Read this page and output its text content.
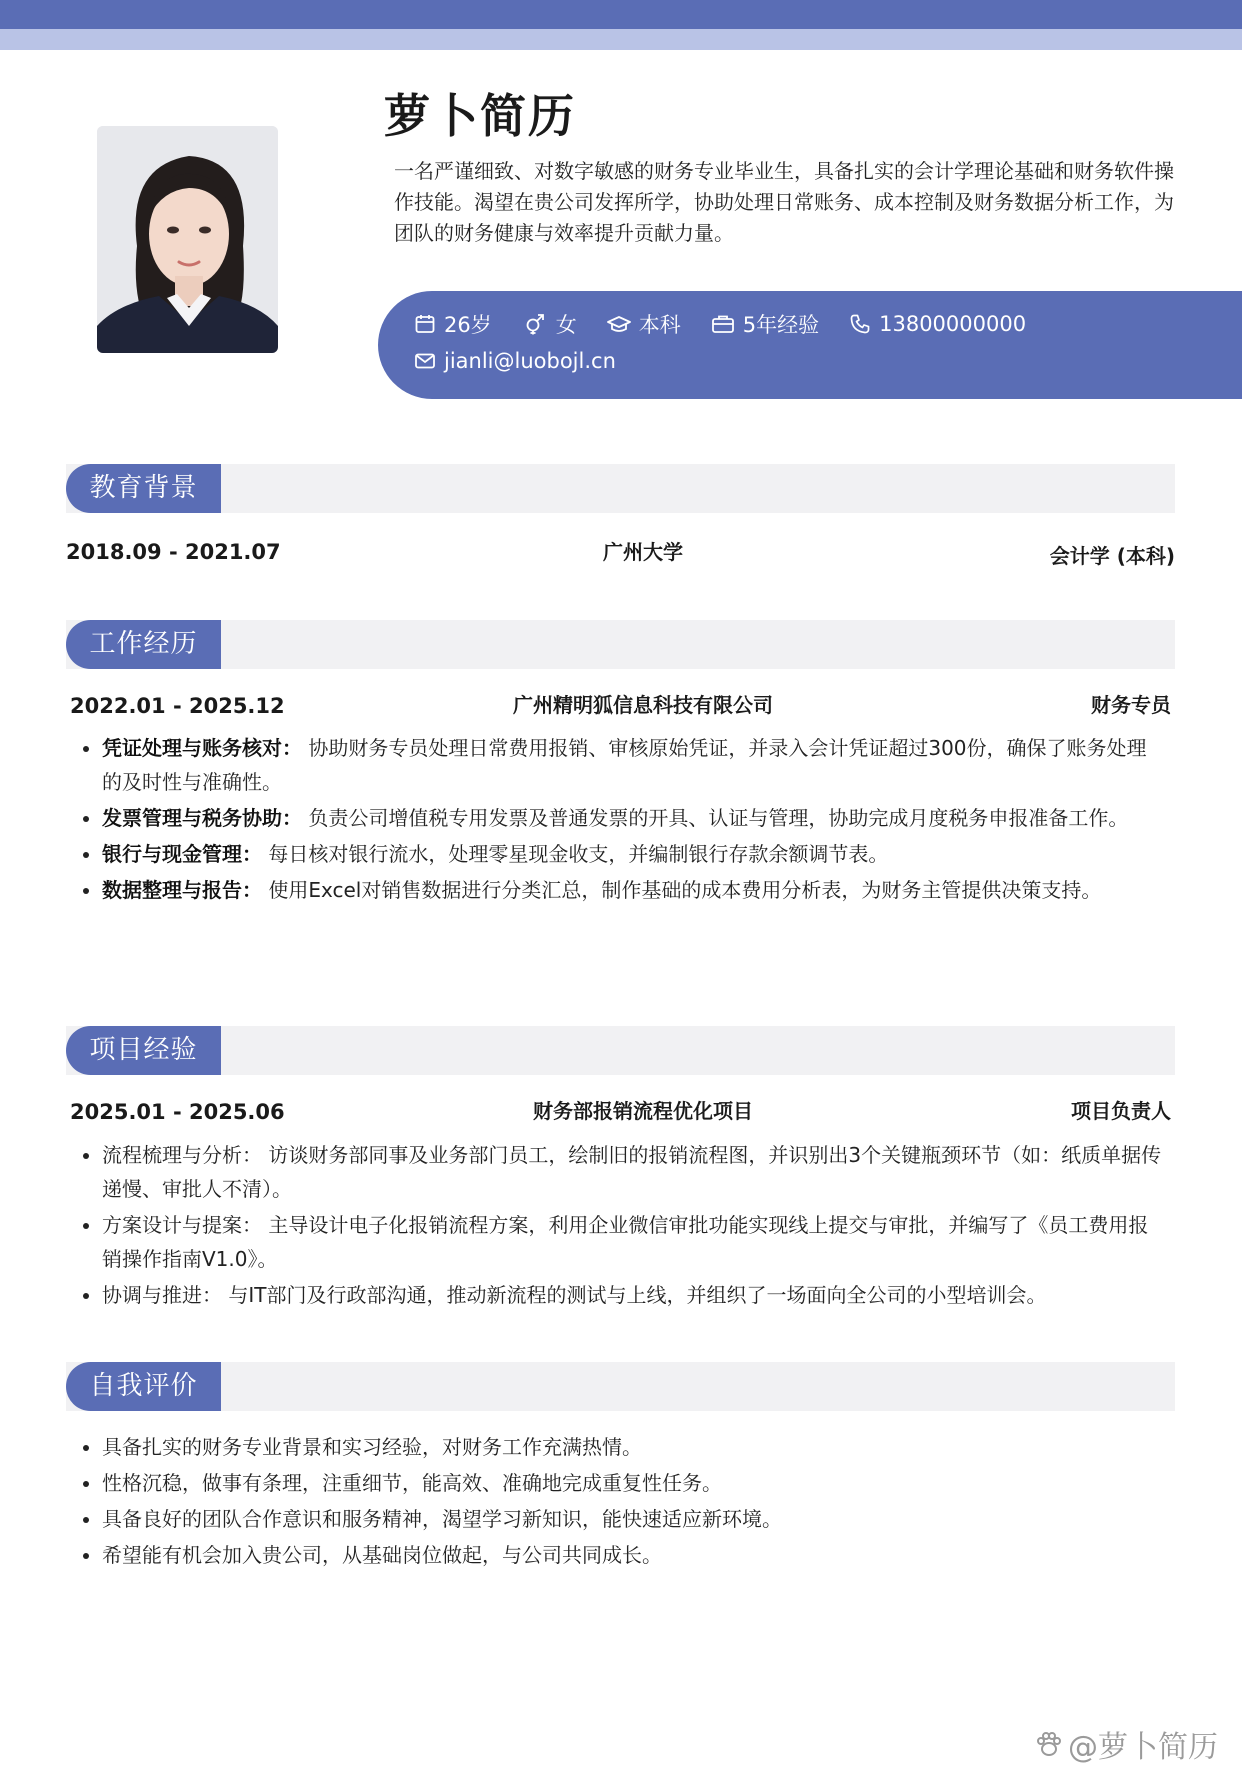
萝卜简历

一名严谨细致、对数字敏感的财务专业毕业生，具备扎实的会计学理论基础和财务软件操作技能。渴望在贵公司发挥所学，协助处理日常账务、成本控制及财务数据分析工作，为团队的财务健康与效率提升贡献力量。

26岁	女	本科	5年经验	13800000000
jianli@luobojl.cn
教育背景
2018.09 - 2021.07	广州大学	会计学 (本科)
工作经历
2022.01 - 2025.12	广州精明狐信息科技有限公司	财务专员
• 凭证处理与账务核对： 协助财务专员处理日常费用报销、审核原始凭证，并录入会计凭证超过300份，确保了账务处理的及时性与准确性。
• 发票管理与税务协助： 负责公司增值税专用发票及普通发票的开具、认证与管理，协助完成月度税务申报准备工作。
• 银行与现金管理： 每日核对银行流水，处理零星现金收支，并编制银行存款余额调节表。
• 数据整理与报告： 使用Excel对销售数据进行分类汇总，制作基础的成本费用分析表，为财务主管提供决策支持。
项目经验
2025.01 - 2025.06	财务部报销流程优化项目	项目负责人
• 流程梳理与分析： 访谈财务部同事及业务部门员工，绘制旧的报销流程图，并识别出3个关键瓶颈环节（如：纸质单据传递慢、审批人不清）。
• 方案设计与提案： 主导设计电子化报销流程方案，利用企业微信审批功能实现线上提交与审批，并编写了《员工费用报销操作指南V1.0》。
• 协调与推进： 与IT部门及行政部沟通，推动新流程的测试与上线，并组织了一场面向全公司的小型培训会。
自我评价
• 具备扎实的财务专业背景和实习经验，对财务工作充满热情。
• 性格沉稳，做事有条理，注重细节，能高效、准确地完成重复性任务。
• 具备良好的团队合作意识和服务精神，渴望学习新知识，能快速适应新环境。
• 希望能有机会加入贵公司，从基础岗位做起，与公司共同成长。
@萝卜简历
